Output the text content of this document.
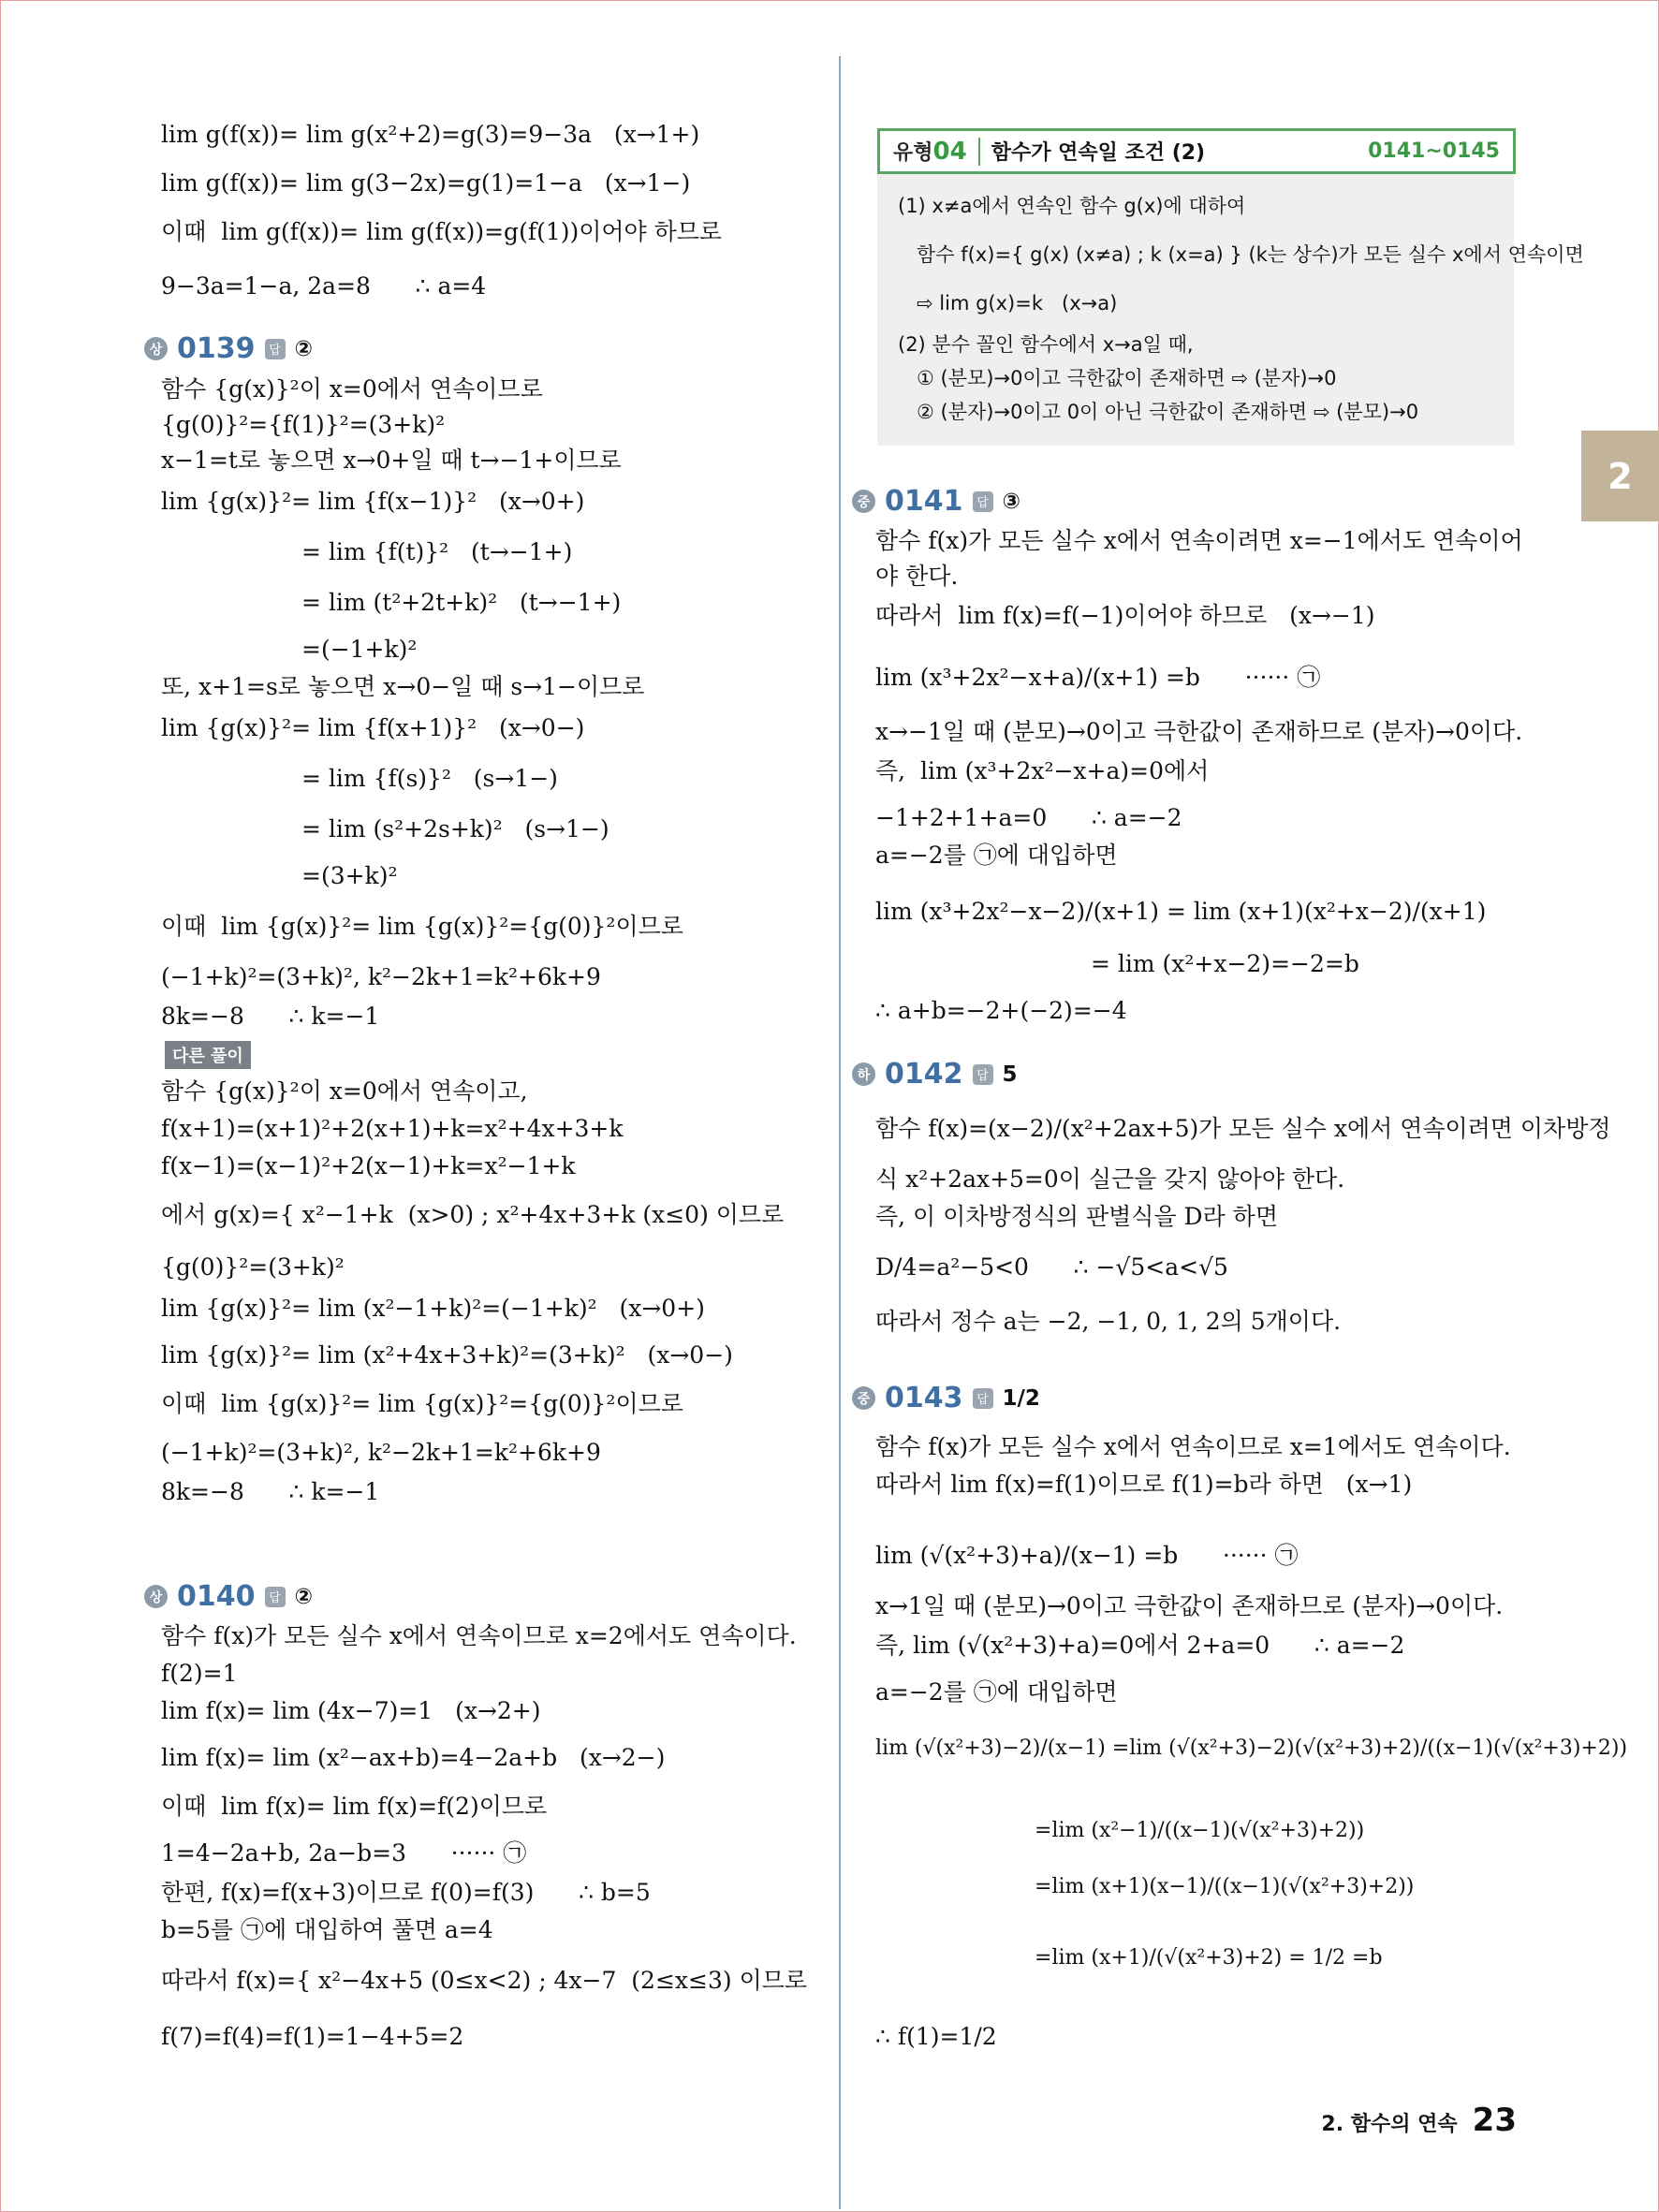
2
lim g(f(x))= lim g(x²+2)=g(3)=9−3a   (x→1+)
lim g(f(x))= lim g(3−2x)=g(1)=1−a   (x→1−)
이때  lim g(f(x))= lim g(f(x))=g(f(1))이어야 하므로
9−3a=1−a, 2a=8      ∴ a=4
상 0139	답 ②
함수 {g(x)}²이 x=0에서 연속이므로
{g(0)}²={f(1)}²=(3+k)²
x−1=t로 놓으면 x→0+일 때 t→−1+이므로
lim {g(x)}²= lim {f(x−1)}²   (x→0+)
= lim {f(t)}²   (t→−1+)
= lim (t²+2t+k)²   (t→−1+)
=(−1+k)²
또, x+1=s로 놓으면 x→0−일 때 s→1−이므로
lim {g(x)}²= lim {f(x+1)}²   (x→0−)
= lim {f(s)}²   (s→1−)
= lim (s²+2s+k)²   (s→1−)
=(3+k)²
이때  lim {g(x)}²= lim {g(x)}²={g(0)}²이므로
(−1+k)²=(3+k)², k²−2k+1=k²+6k+9
8k=−8      ∴ k=−1
다른 풀이
함수 {g(x)}²이 x=0에서 연속이고,
f(x+1)=(x+1)²+2(x+1)+k=x²+4x+3+k
f(x−1)=(x−1)²+2(x−1)+k=x²−1+k
에서 g(x)={ x²−1+k  (x>0) ; x²+4x+3+k (x≤0) 이므로
{g(0)}²=(3+k)²
lim {g(x)}²= lim (x²−1+k)²=(−1+k)²   (x→0+)
lim {g(x)}²= lim (x²+4x+3+k)²=(3+k)²   (x→0−)
이때  lim {g(x)}²= lim {g(x)}²={g(0)}²이므로
(−1+k)²=(3+k)², k²−2k+1=k²+6k+9
8k=−8      ∴ k=−1
상 0140	답 ②
함수 f(x)가 모든 실수 x에서 연속이므로 x=2에서도 연속이다.
f(2)=1
lim f(x)= lim (4x−7)=1   (x→2+)
lim f(x)= lim (x²−ax+b)=4−2a+b   (x→2−)
이때  lim f(x)= lim f(x)=f(2)이므로
1=4−2a+b, 2a−b=3      ······ ㉠
한편, f(x)=f(x+3)이므로 f(0)=f(3)      ∴ b=5
b=5를 ㉠에 대입하여 풀면 a=4
따라서 f(x)={ x²−4x+5 (0≤x<2) ; 4x−7  (2≤x≤3) 이므로
f(7)=f(4)=f(1)=1−4+5=2
유형04 함수가 연속일 조건 (2)	0141~0145
(1) x≠a에서 연속인 함수 g(x)에 대하여
함수 f(x)={ g(x) (x≠a) ; k (x=a) } (k는 상수)가 모든 실수 x에서 연속이면
⇨ lim g(x)=k   (x→a)
(2) 분수 꼴인 함수에서 x→a일 때,
① (분모)→0이고 극한값이 존재하면 ⇨ (분자)→0
② (분자)→0이고 0이 아닌 극한값이 존재하면 ⇨ (분모)→0
중 0141	답 ③
함수 f(x)가 모든 실수 x에서 연속이려면 x=−1에서도 연속이어
야 한다.
따라서  lim f(x)=f(−1)이어야 하므로   (x→−1)
lim (x³+2x²−x+a)/(x+1) =b      ······ ㉠
x→−1일 때 (분모)→0이고 극한값이 존재하므로 (분자)→0이다.
즉,  lim (x³+2x²−x+a)=0에서
−1+2+1+a=0      ∴ a=−2
a=−2를 ㉠에 대입하면
lim (x³+2x²−x−2)/(x+1) = lim (x+1)(x²+x−2)/(x+1)
= lim (x²+x−2)=−2=b
∴ a+b=−2+(−2)=−4
하 0142	답 5
함수 f(x)=(x−2)/(x²+2ax+5)가 모든 실수 x에서 연속이려면 이차방정
식 x²+2ax+5=0이 실근을 갖지 않아야 한다.
즉, 이 이차방정식의 판별식을 D라 하면
D/4=a²−5<0      ∴ −√5<a<√5
따라서 정수 a는 −2, −1, 0, 1, 2의 5개이다.
중 0143	답 1/2
함수 f(x)가 모든 실수 x에서 연속이므로 x=1에서도 연속이다.
따라서 lim f(x)=f(1)이므로 f(1)=b라 하면   (x→1)
lim (√(x²+3)+a)/(x−1) =b      ······ ㉠
x→1일 때 (분모)→0이고 극한값이 존재하므로 (분자)→0이다.
즉, lim (√(x²+3)+a)=0에서 2+a=0      ∴ a=−2
a=−2를 ㉠에 대입하면
lim (√(x²+3)−2)/(x−1) =lim (√(x²+3)−2)(√(x²+3)+2)/((x−1)(√(x²+3)+2))
=lim (x²−1)/((x−1)(√(x²+3)+2))
=lim (x+1)(x−1)/((x−1)(√(x²+3)+2))
=lim (x+1)/(√(x²+3)+2) = 1/2 =b
∴ f(1)=1/2
2. 함수의 연속 23
